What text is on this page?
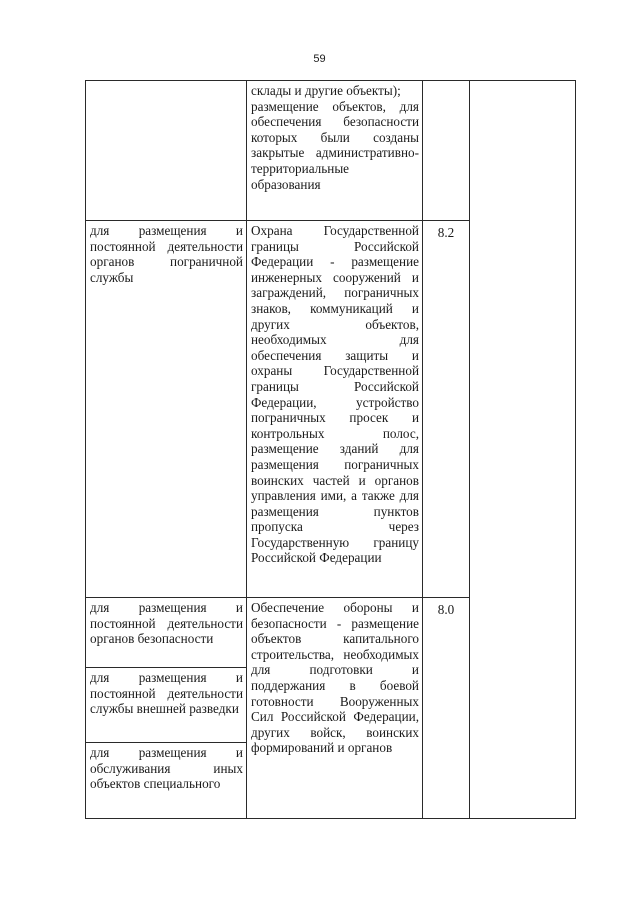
59

	склады и другие объекты);
размещение объектов, для обеспечения безопасности которых были созданы закрытые административно-территориальные образования		

для размещения и постоянной деятельности органов пограничной службы	Охрана Государственной границы Российской Федерации - размещение инженерных сооружений и заграждений, пограничных знаков, коммуникаций и других объектов, необходимых для обеспечения защиты и охраны Государственной границы Российской Федерации, устройство пограничных просек и контрольных полос, размещение зданий для размещения пограничных воинских частей и органов управления ими, а также для размещения пунктов пропуска через Государственную границу Российской Федерации	8.2	

для размещения и постоянной деятельности органов безопасности	Обеспечение обороны и безопасности - размещение объектов капитального строительства, необходимых для подготовки и поддержания в боевой готовности Вооруженных Сил Российской Федерации, других войск, воинских формирований и органов	8.0	

для размещения и постоянной деятельности службы внешней разведки			

для размещения и обслуживания иных объектов специального			
